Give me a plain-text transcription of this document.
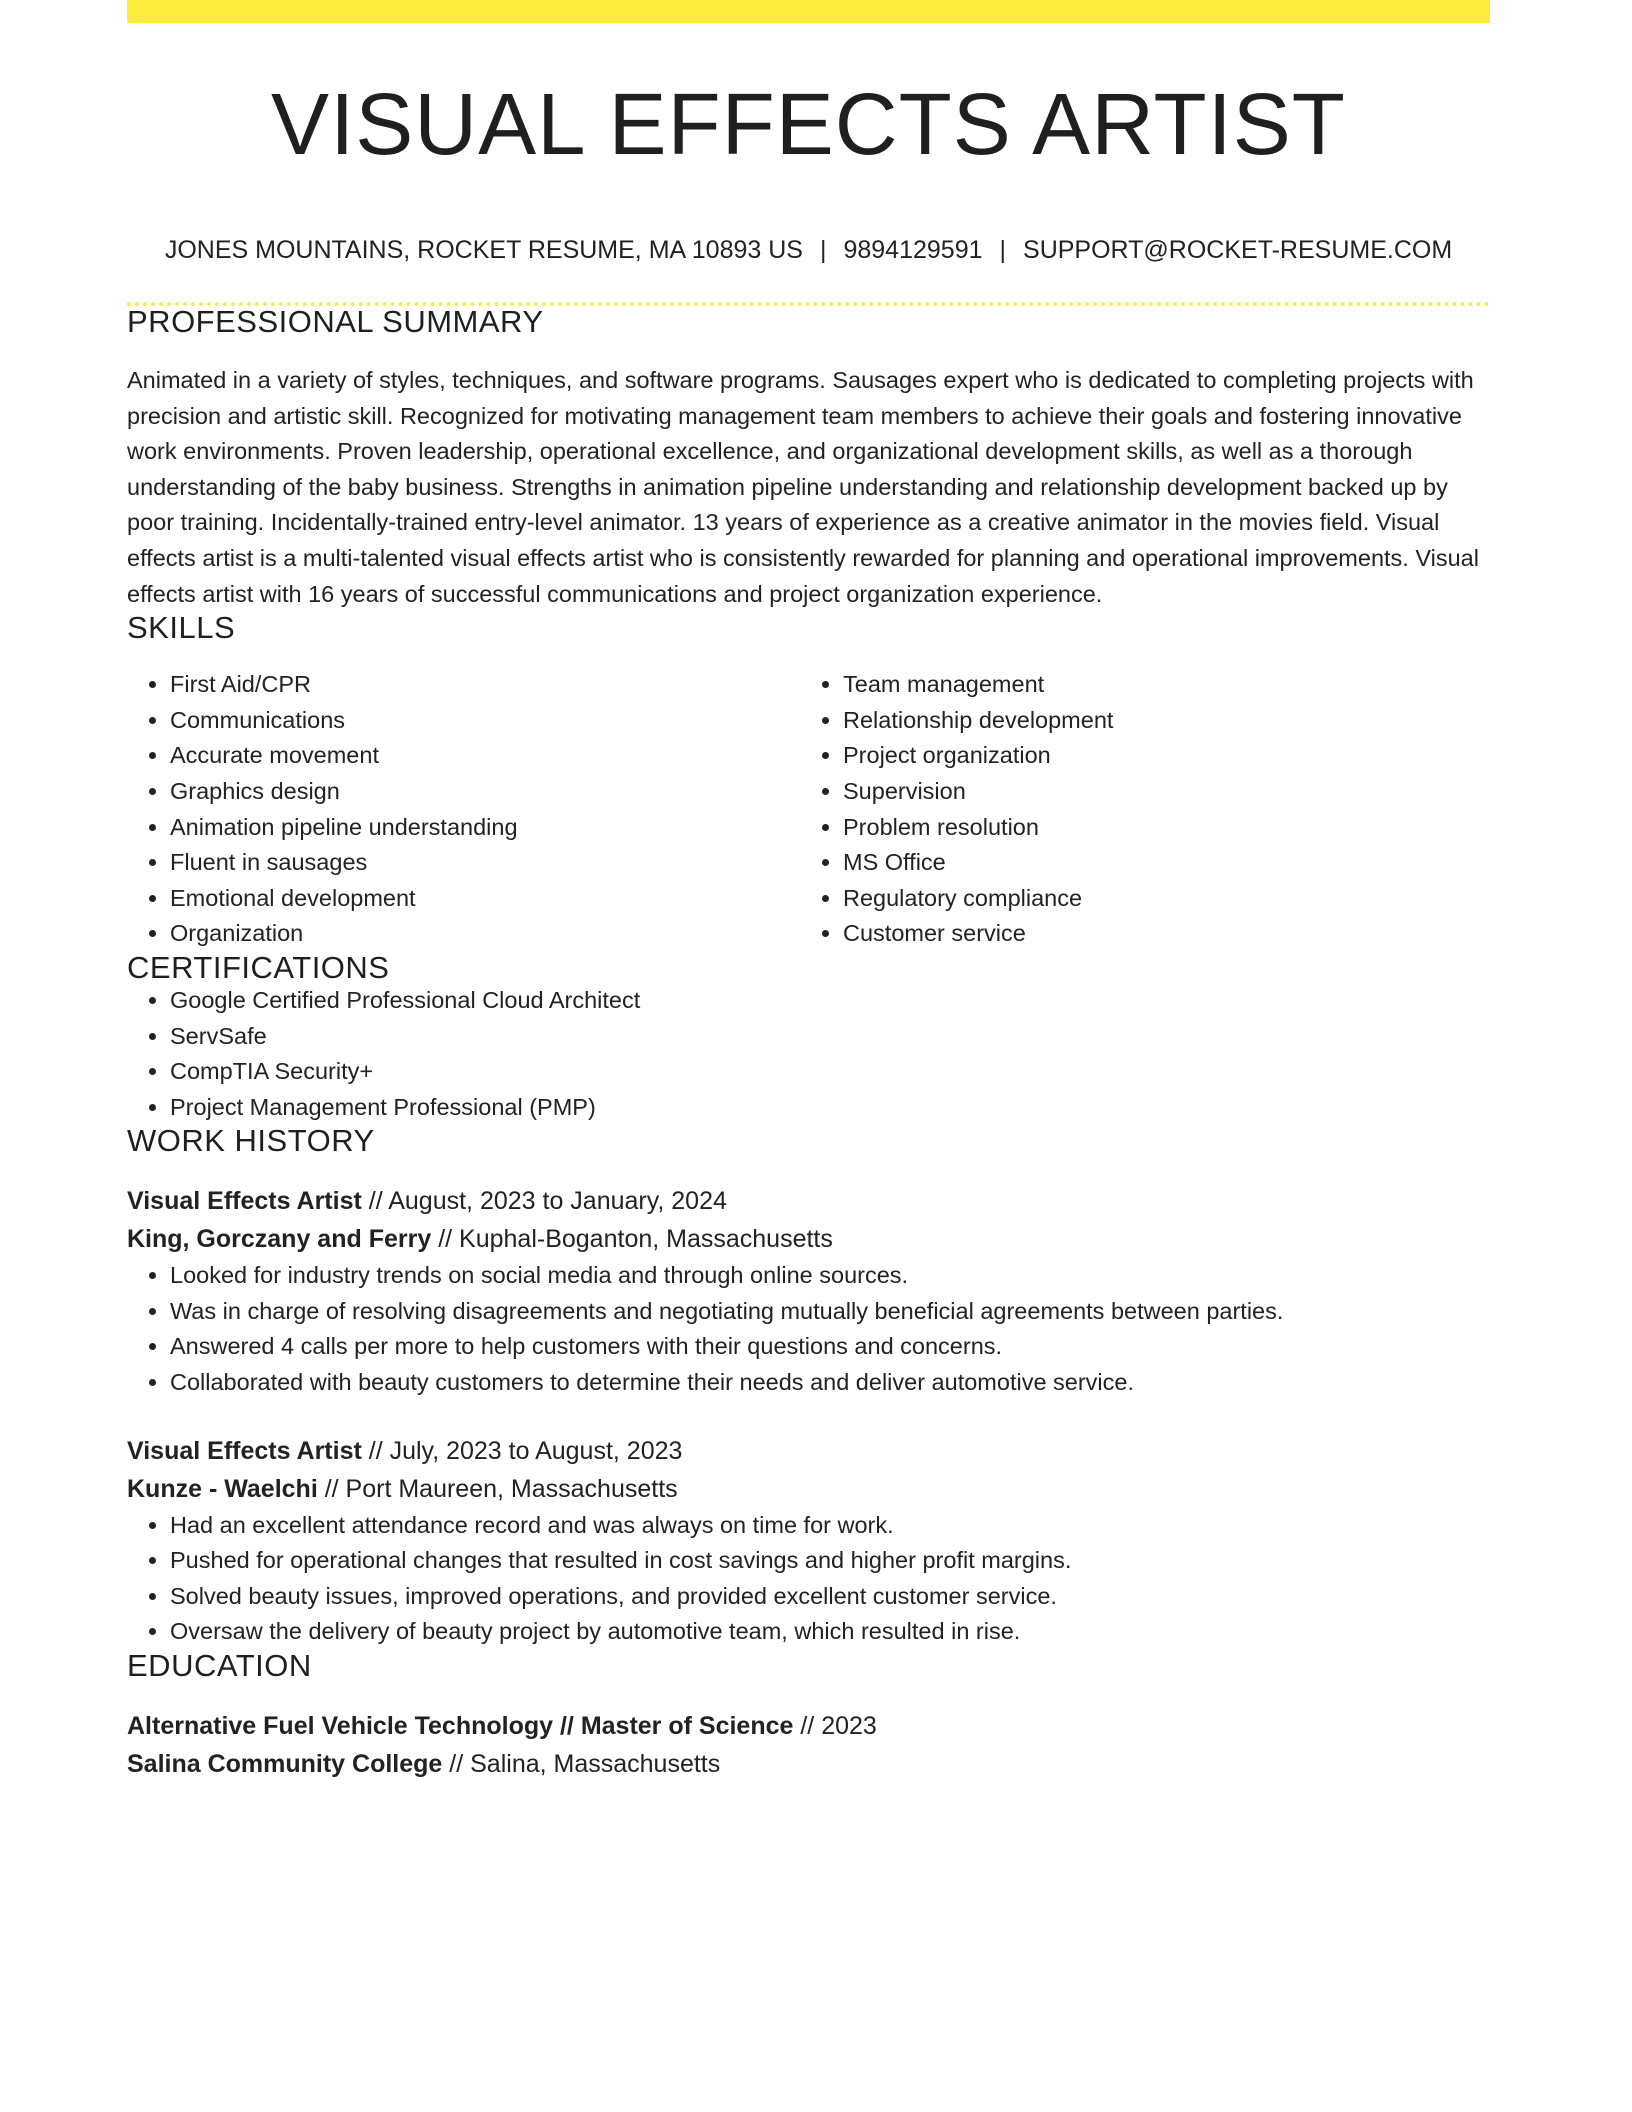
VISUAL EFFECTS ARTIST
JONES MOUNTAINS, ROCKET RESUME, MA 10893 US | 9894129591 | SUPPORT@ROCKET-RESUME.COM
PROFESSIONAL SUMMARY

Animated in a variety of styles, techniques, and software programs. Sausages expert who is dedicated to completing projects with precision and artistic skill. Recognized for motivating management team members to achieve their goals and fostering innovative work environments. Proven leadership, operational excellence, and organizational development skills, as well as a thorough understanding of the baby business. Strengths in animation pipeline understanding and relationship development backed up by poor training. Incidentally-trained entry-level animator. 13 years of experience as a creative animator in the movies field. Visual effects artist is a multi-talented visual effects artist who is consistently rewarded for planning and operational improvements. Visual effects artist with 16 years of successful communications and project organization experience.

SKILLS
• First Aid/CPR
• Communications
• Accurate movement
• Graphics design
• Animation pipeline understanding
• Fluent in sausages
• Emotional development
• Organization
• Team management
• Relationship development
• Project organization
• Supervision
• Problem resolution
• MS Office
• Regulatory compliance
• Customer service
CERTIFICATIONS
• Google Certified Professional Cloud Architect
• ServSafe
• CompTIA Security+
• Project Management Professional (PMP)
WORK HISTORY
Visual Effects Artist // August, 2023 to January, 2024
King, Gorczany and Ferry // Kuphal-Boganton, Massachusetts
• Looked for industry trends on social media and through online sources.
• Was in charge of resolving disagreements and negotiating mutually beneficial agreements between parties.
• Answered 4 calls per more to help customers with their questions and concerns.
• Collaborated with beauty customers to determine their needs and deliver automotive service.
Visual Effects Artist // July, 2023 to August, 2023
Kunze - Waelchi // Port Maureen, Massachusetts
• Had an excellent attendance record and was always on time for work.
• Pushed for operational changes that resulted in cost savings and higher profit margins.
• Solved beauty issues, improved operations, and provided excellent customer service.
• Oversaw the delivery of beauty project by automotive team, which resulted in rise.
EDUCATION
Alternative Fuel Vehicle Technology // Master of Science // 2023
Salina Community College // Salina, Massachusetts
